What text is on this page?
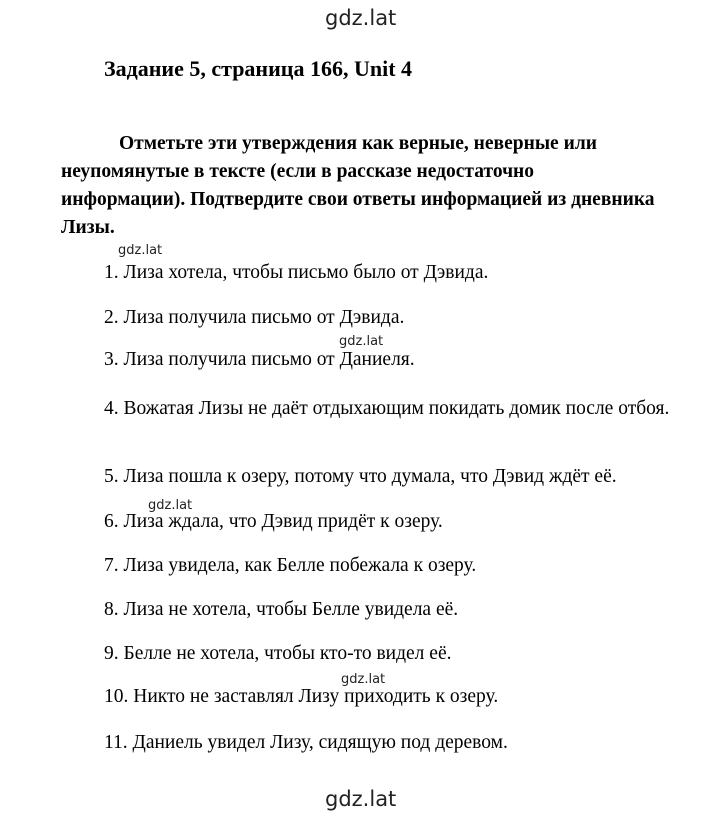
gdz.lat
Задание 5, страница 166, Unit 4
Отметьте эти утверждения как верные, неверные или неупомянутые в тексте (если в рассказе недостаточно информации). Подтвердите свои ответы информацией из дневника Лизы.
gdz.lat
1. Лиза хотела, чтобы письмо было от Дэвида.
2. Лиза получила письмо от Дэвида.
gdz.lat
3. Лиза получила письмо от Даниеля.
4. Вожатая Лизы не даёт отдыхающим покидать домик после отбоя.
5. Лиза пошла к озеру, потому что думала, что Дэвид ждёт её.
gdz.lat
6. Лиза ждала, что Дэвид придёт к озеру.
7. Лиза увидела, как Белле побежала к озеру.
8. Лиза не хотела, чтобы Белле увидела её.
9. Белле не хотела, чтобы кто-то видел её.
gdz.lat
10. Никто не заставлял Лизу приходить к озеру.
11. Даниель увидел Лизу, сидящую под деревом.
gdz.lat
